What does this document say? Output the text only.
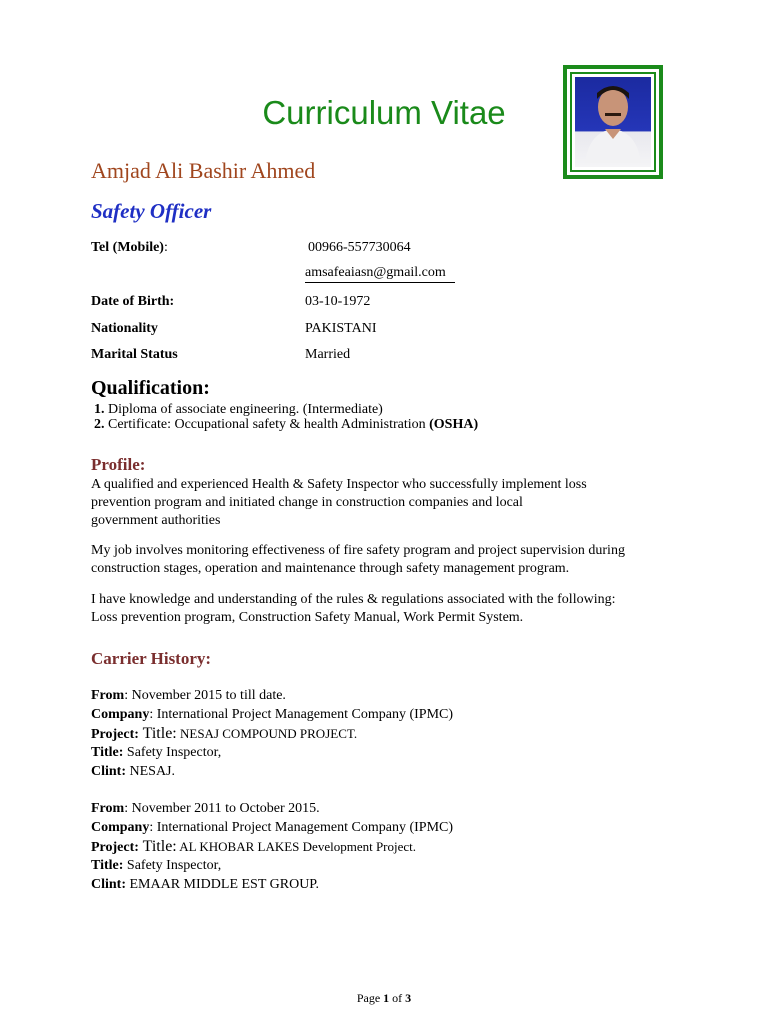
Curriculum Vitae
Amjad Ali Bashir Ahmed
Safety Officer
Tel (Mobile):	00966-557730064
amsafeaiasn@gmail.com
Date of Birth:	03-10-1972
Nationality	PAKISTANI
Marital Status	Married
Qualification:
1. Diploma of associate engineering. (Intermediate)
2. Certificate: Occupational safety & health Administration (OSHA)
Profile:
A qualified and experienced Health & Safety Inspector who successfully implement loss
prevention program and initiated change in construction companies and local
government authorities
My job involves monitoring effectiveness of fire safety program and project supervision during
construction stages, operation and maintenance through safety management program.
I have knowledge and understanding of the rules & regulations associated with the following:
Loss prevention program, Construction Safety Manual, Work Permit System.
Carrier History:
From: November 2015 to till date.
Company: International Project Management Company (IPMC)
Project: Title: NESAJ COMPOUND PROJECT.
Title: Safety Inspector,
Clint: NESAJ.
From: November 2011 to October 2015.
Company: International Project Management Company (IPMC)
Project: Title: AL KHOBAR LAKES Development Project.
Title: Safety Inspector,
Clint: EMAAR MIDDLE EST GROUP.
Page 1 of 3
